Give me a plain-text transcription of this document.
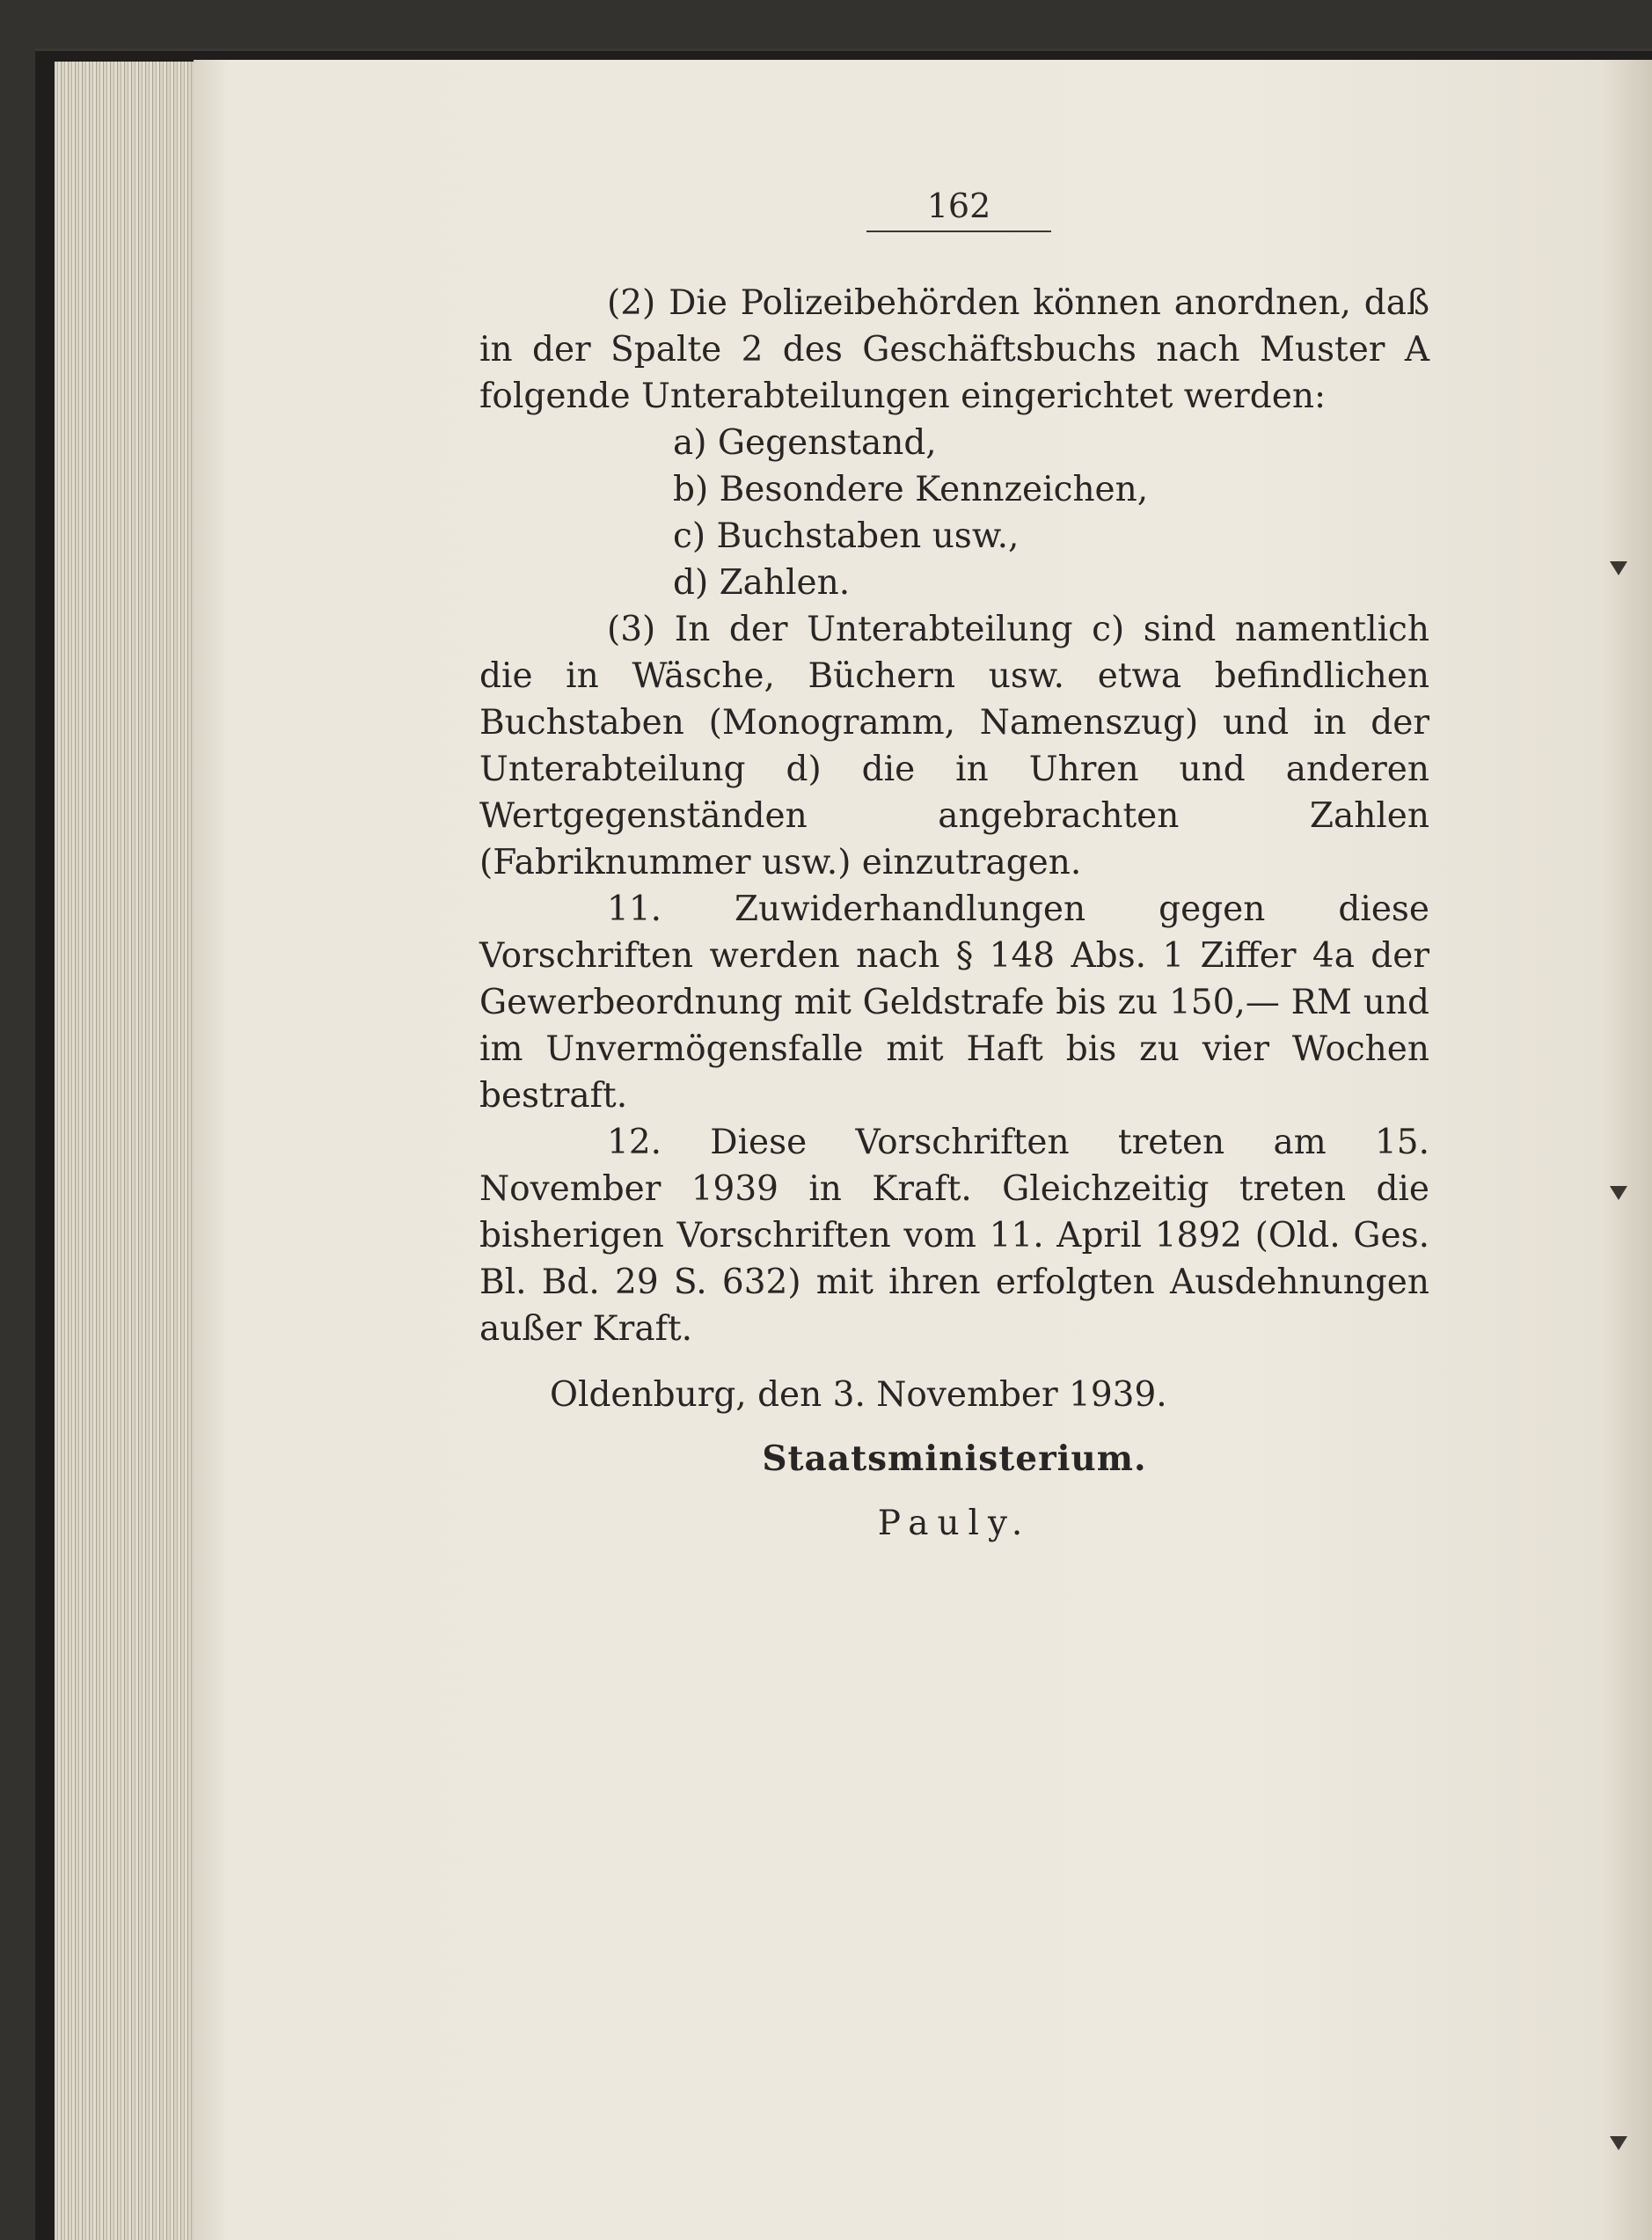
162

(2) Die Polizeibehörden können anordnen, daß in der Spalte 2 des Geschäftsbuchs nach Muster A folgende Unterabteilungen eingerichtet werden:

a) Gegenstand,

b) Besondere Kennzeichen,

c) Buchstaben usw.,

d) Zahlen.

(3) In der Unterabteilung c) sind namentlich die in Wäsche, Büchern usw. etwa befindlichen Buchstaben (Monogramm, Namenszug) und in der Unterabteilung d) die in Uhren und anderen Wertgegenständen angebrachten Zahlen (Fabriknummer usw.) einzutragen.

11. Zuwiderhandlungen gegen diese Vorschriften werden nach § 148 Abs. 1 Ziffer 4a der Gewerbeordnung mit Geldstrafe bis zu 150,— RM und im Unvermögensfalle mit Haft bis zu vier Wochen bestraft.

12. Diese Vorschriften treten am 15. November 1939 in Kraft. Gleichzeitig treten die bisherigen Vorschriften vom 11. April 1892 (Old. Ges. Bl. Bd. 29 S. 632) mit ihren erfolgten Ausdehnungen außer Kraft.

Oldenburg, den 3. November 1939.

Staatsministerium.

Pauly.
